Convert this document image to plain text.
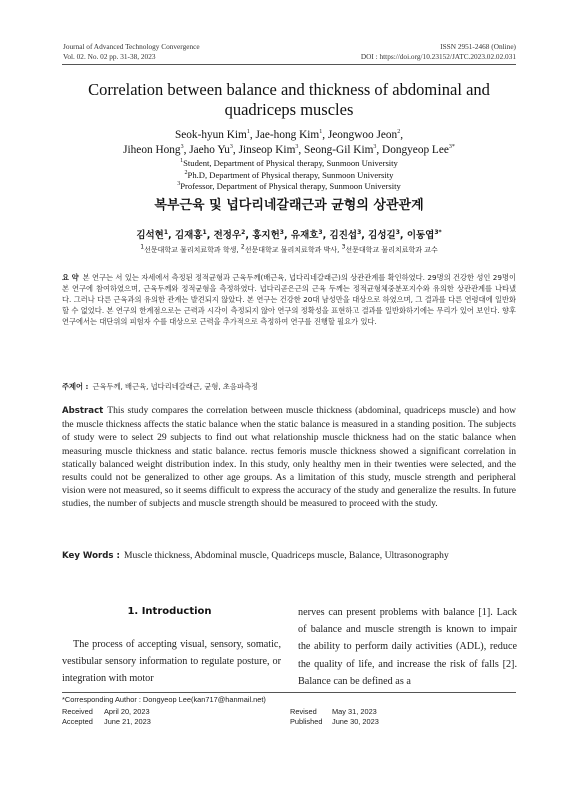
Journal of Advanced Technology Convergence
Vol. 02. No. 02 pp. 31-38, 2023
ISSN 2951-2468 (Online)
DOI : https://doi.org/10.23152/JATC.2023.02.02.031
Correlation between balance and thickness of abdominal and
quadriceps muscles
Seok-hyun Kim$^1$, Jae-hong Kim$^1$, Jeongwoo Jeon$^2$,
Jiheon Hong$^3$, Jaeho Yu$^3$, Jinseop Kim$^3$, Seong-Gil Kim$^3$, Dongyeop Lee$^{3*}$
$^1$Student, Department of Physical therapy, Sunmoon University
$^2$Ph.D, Department of Physical therapy, Sunmoon University
$^3$Professor, Department of Physical therapy, Sunmoon University
복부근육 및 넙다리네갈래근과 균형의 상관관계
김석현$^1$, 김재홍$^1$, 전정우$^2$, 홍지헌$^3$, 유재호$^3$, 김진섭$^3$, 김성길$^3$, 이동엽$^{3*}$
$^1$선문대학교 물리치료학과 학생, $^2$선문대학교 물리치료학과 박사, $^3$선문대학교 물리치료학과 교수
요 약 본 연구는 서 있는 자세에서 측정된 정적균형과 근육두께(배근육, 넙다리네갈래근)의 상관관계를 확인하였다. 29명의 건강한 성인 29명이 본 연구에 참여하였으며, 근육두께와 정적균형을 측정하였다. 넙다리곧은근의 근육 두께는 정적균형체중분포지수와 유의한 상관관계를 나타냈다. 그러나 다른 근육과의 유의한 관계는 발견되지 않았다. 본 연구는 건강한 20대 남성만을 대상으로 하였으며, 그 결과를 다른 연령대에 일반화할 수 없었다. 본 연구의 한계점으로는 근력과 시각이 측정되지 않아 연구의 정확성을 표현하고 결과를 일반화하기에는 무리가 있어 보인다. 향후 연구에서는 대단위의 피험자 수를 대상으로 근력을 추가적으로 측정하여 연구를 진행할 필요가 있다.
주제어 : 근육두께, 배근육, 넙다리네갈래근, 균형, 초음파측정
Abstract This study compares the correlation between muscle thickness (abdominal, quadriceps muscle) and how the muscle thickness affects the static balance when the static balance is measured in a standing position. The subjects of study were to select 29 subjects to find out what relationship muscle thickness had on the static balance when measuring muscle thickness and static balance. rectus femoris muscle thickness showed a significant correlation in statically balanced weight distribution index. In this study, only healthy men in their twenties were selected, and the results could not be generalized to other age groups. As a limitation of this study, muscle strength and peripheral vision were not measured, so it seems difficult to express the accuracy of the study and generalize the results. In future studies, the number of subjects and muscle strength should be measured to proceed with the study.
Key Words : Muscle thickness, Abdominal muscle, Quadriceps muscle, Balance, Ultrasonography
1. Introduction
The process of accepting visual, sensory, somatic, vestibular sensory information to regulate posture, or integration with motor
nerves can present problems with balance [1]. Lack of balance and muscle strength is known to impair the ability to perform daily activities (ADL), reduce the quality of life, and increase the risk of falls [2]. Balance can be defined as a
*Corresponding Author : Dongyeop Lee(kan717@hanmail.net)
Received April 20, 2023
Accepted June 21, 2023
Revised May 31, 2023
Published June 30, 2023
